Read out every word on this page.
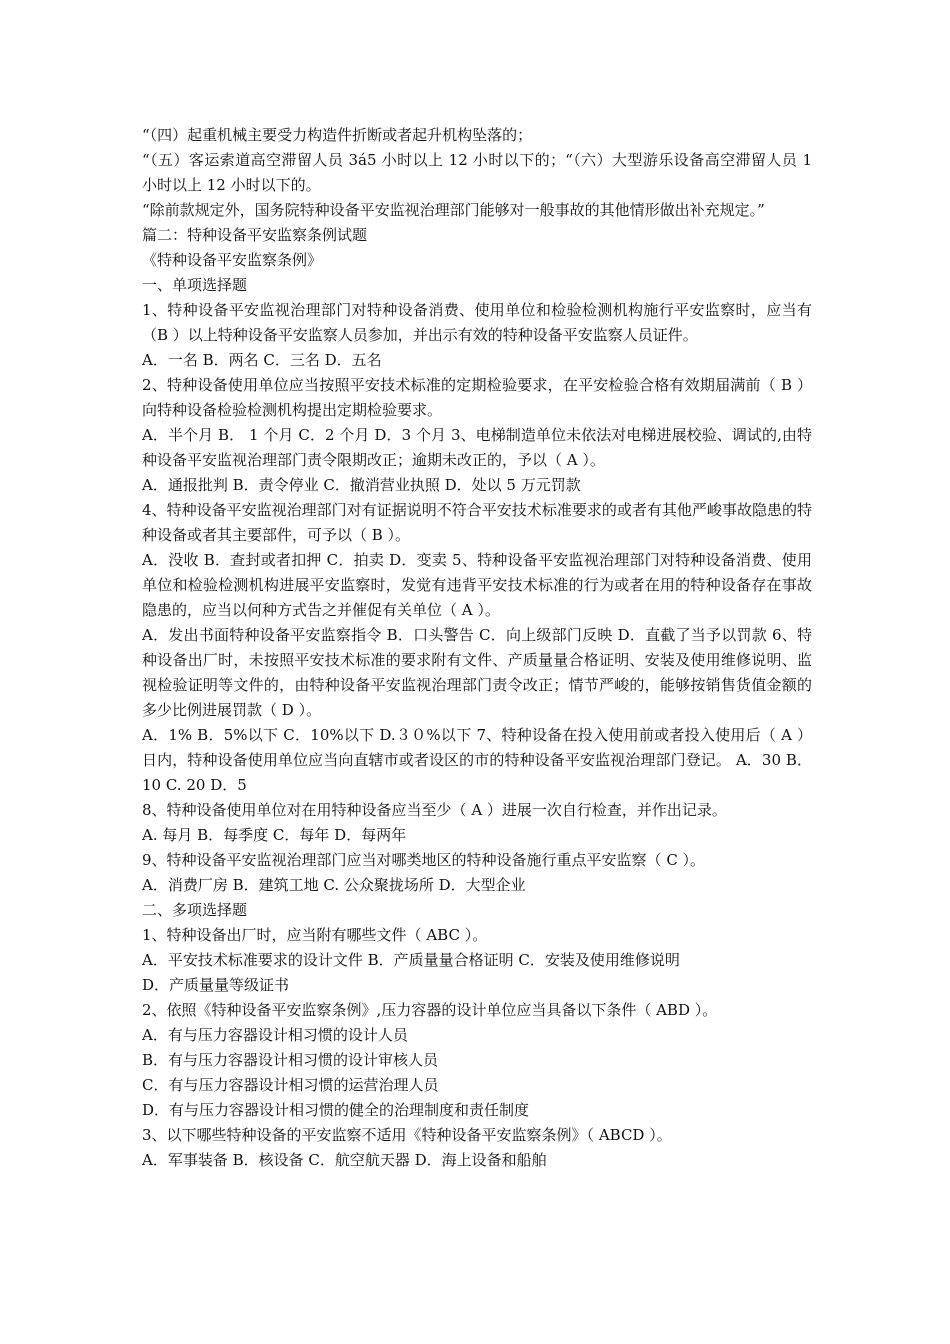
“（四）起重机械主要受力构造件折断或者起升机构坠落的；

“（五）客运索道高空滞留人员 3á5 小时以上 12 小时以下的；“（六）大型游乐设备高空滞留人员 1 小时以上 12 小时以下的。

“除前款规定外，国务院特种设备平安监视治理部门能够对一般事故的其他情形做出补充规定。”

篇二：特种设备平安监察条例试题

《特种设备平安监察条例》

一、单项选择题

1、特种设备平安监视治理部门对特种设备消费、使用单位和检验检测机构施行平安监察时，应当有（B ）以上特种设备平安监察人员参加，并出示有效的特种设备平安监察人员证件。

A．一名 B．两名 C．三名 D．五名

2、特种设备使用单位应当按照平安技术标准的定期检验要求，在平安检验合格有效期届满前（ B ）向特种设备检验检测机构提出定期检验要求。

A．半个月 B． 1 个月 C．2 个月 D．3 个月 3、电梯制造单位未依法对电梯进展校验、调试的,由特种设备平安监视治理部门责令限期改正；逾期未改正的，予以（ A ）。

A．通报批判 B．责令停业 C．撤消营业执照 D．处以 5 万元罚款

4、特种设备平安监视治理部门对有证据说明不符合平安技术标准要求的或者有其他严峻事故隐患的特种设备或者其主要部件，可予以（ B ）。

A．没收 B．查封或者扣押 C．拍卖 D．变卖 5、特种设备平安监视治理部门对特种设备消费、使用单位和检验检测机构进展平安监察时，发觉有违背平安技术标准的行为或者在用的特种设备存在事故隐患的，应当以何种方式告之并催促有关单位（ A ）。

A．发出书面特种设备平安监察指令 B．口头警告 C．向上级部门反映 D．直截了当予以罚款 6、特种设备出厂时，未按照平安技术标准的要求附有文件、产质量量合格证明、安装及使用维修说明、监视检验证明等文件的，由特种设备平安监视治理部门责令改正；情节严峻的，能够按销售货值金额的多少比例进展罚款（ D ）。

A．1% B．5%以下 C．10%以下 D.３０%以下 7、特种设备在投入使用前或者投入使用后（ A ）日内，特种设备使用单位应当向直辖市或者设区的市的特种设备平安监视治理部门登记。 A．30 B．10 C. 20 D．5

8、特种设备使用单位对在用特种设备应当至少（ A ）进展一次自行检查，并作出记录。

A. 每月 B．每季度 C．每年 D．每两年

9、特种设备平安监视治理部门应当对哪类地区的特种设备施行重点平安监察（ C ）。

A．消费厂房 B．建筑工地 C. 公众聚拢场所 D．大型企业

二、多项选择题

1、特种设备出厂时，应当附有哪些文件（ ABC ）。

A．平安技术标准要求的设计文件 B．产质量量合格证明 C．安装及使用维修说明

D．产质量量等级证书

2、依照《特种设备平安监察条例》,压力容器的设计单位应当具备以下条件（ ABD ）。

A．有与压力容器设计相习惯的设计人员

B．有与压力容器设计相习惯的设计审核人员

C．有与压力容器设计相习惯的运营治理人员

D．有与压力容器设计相习惯的健全的治理制度和责任制度

3、以下哪些特种设备的平安监察不适用《特种设备平安监察条例》（ ABCD ）。

A．军事装备 B．核设备 C．航空航天器 D．海上设备和船舶
